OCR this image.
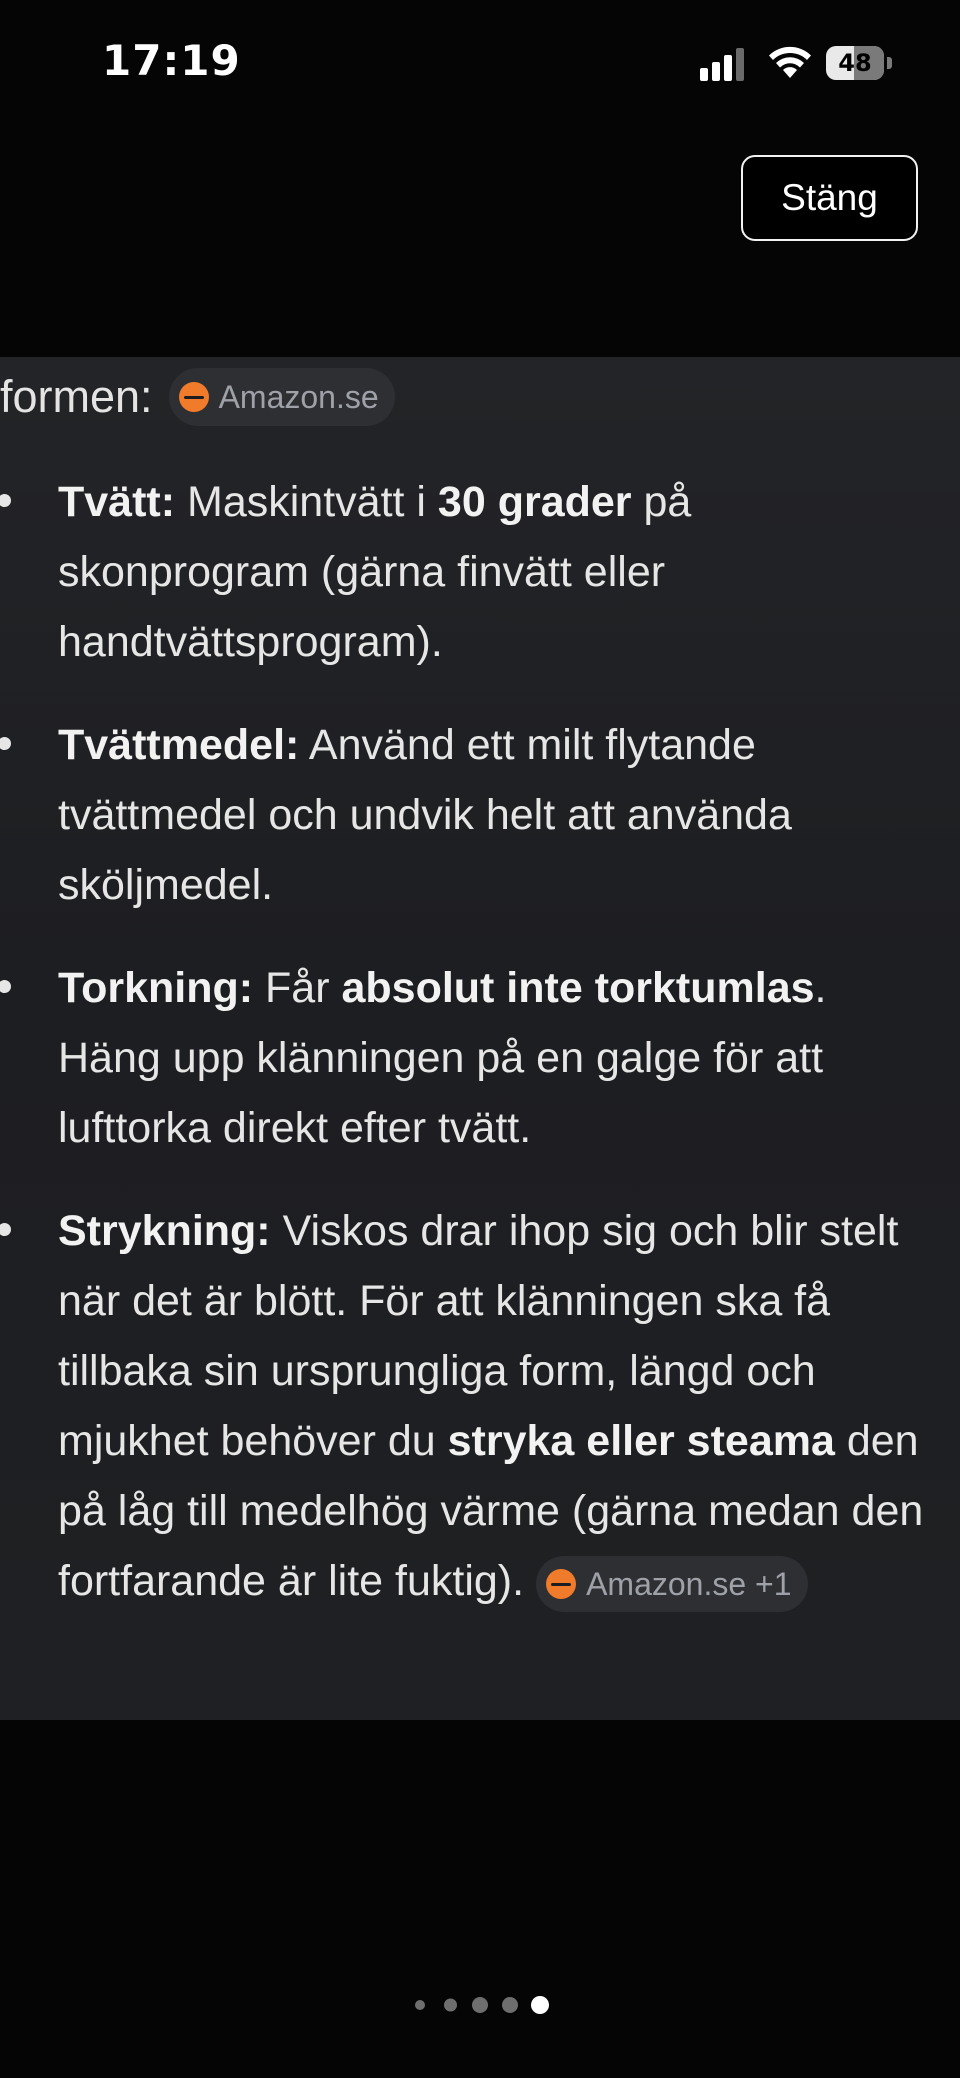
17:19	48
Stäng
formen: Amazon.se
Tvätt: Maskintvätt i 30 grader på skonprogram (gärna finvätt eller handtvättsprogram).
Tvättmedel: Använd ett milt flytande tvättmedel och undvik helt att använda sköljmedel.
Torkning: Får absolut inte torktumlas. Häng upp klänningen på en galge för att lufttorka direkt efter tvätt.
Strykning: Viskos drar ihop sig och blir stelt när det är blött. För att klänningen ska få tillbaka sin ursprungliga form, längd och mjukhet behöver du stryka eller steama den på låg till medelhög värme (gärna medan den fortfarande är lite fuktig). Amazon.se +1
